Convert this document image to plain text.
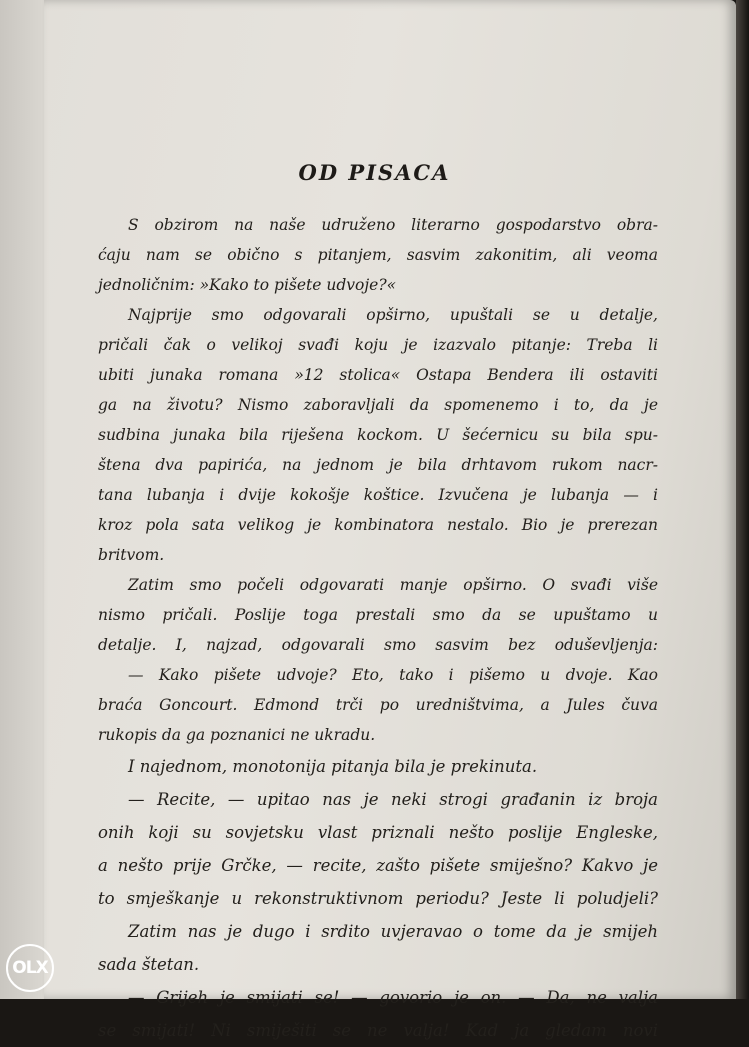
OD PISACA
S obzirom na naše udruženo literarno gospodarstvo obra-
ćaju nam se obično s pitanjem, sasvim zakonitim, ali veoma
jednoličnim: »Kako to pišete udvoje?«
Najprije smo odgovarali opširno, upuštali se u detalje,
pričali čak o velikoj svađi koju je izazvalo pitanje: Treba li
ubiti junaka romana »12 stolica« Ostapa Bendera ili ostaviti
ga na životu? Nismo zaboravljali da spomenemo i to, da je
sudbina junaka bila riješena kockom. U šećernicu su bila spu-
štena dva papirića, na jednom je bila drhtavom rukom nacr-
tana lubanja i dvije kokošje koštice. Izvučena je lubanja — i
kroz pola sata velikog je kombinatora nestalo. Bio je prerezan
britvom.
Zatim smo počeli odgovarati manje opširno. O svađi više
nismo pričali. Poslije toga prestali smo da se upuštamo u
detalje. I, najzad, odgovarali smo sasvim bez oduševljenja:
— Kako pišete udvoje? Eto, tako i pišemo u dvoje. Kao
braća Goncourt. Edmond trči po uredništvima, a Jules čuva
rukopis da ga poznanici ne ukradu.
I najednom, monotonija pitanja bila je prekinuta.
— Recite, — upitao nas je neki strogi građanin iz broja
onih koji su sovjetsku vlast priznali nešto poslije Engleske,
a nešto prije Grčke, — recite, zašto pišete smiješno? Kakvo je
to smješkanje u rekonstruktivnom periodu? Jeste li poludjeli?
Zatim nas je dugo i srdito uvjeravao o tome da je smijeh
sada štetan.
— Grijeh je smijati se! — govorio je on. — Da, ne valja
se smijati! Ni smiješiti se ne valja! Kad ja gledam novi
OLX
